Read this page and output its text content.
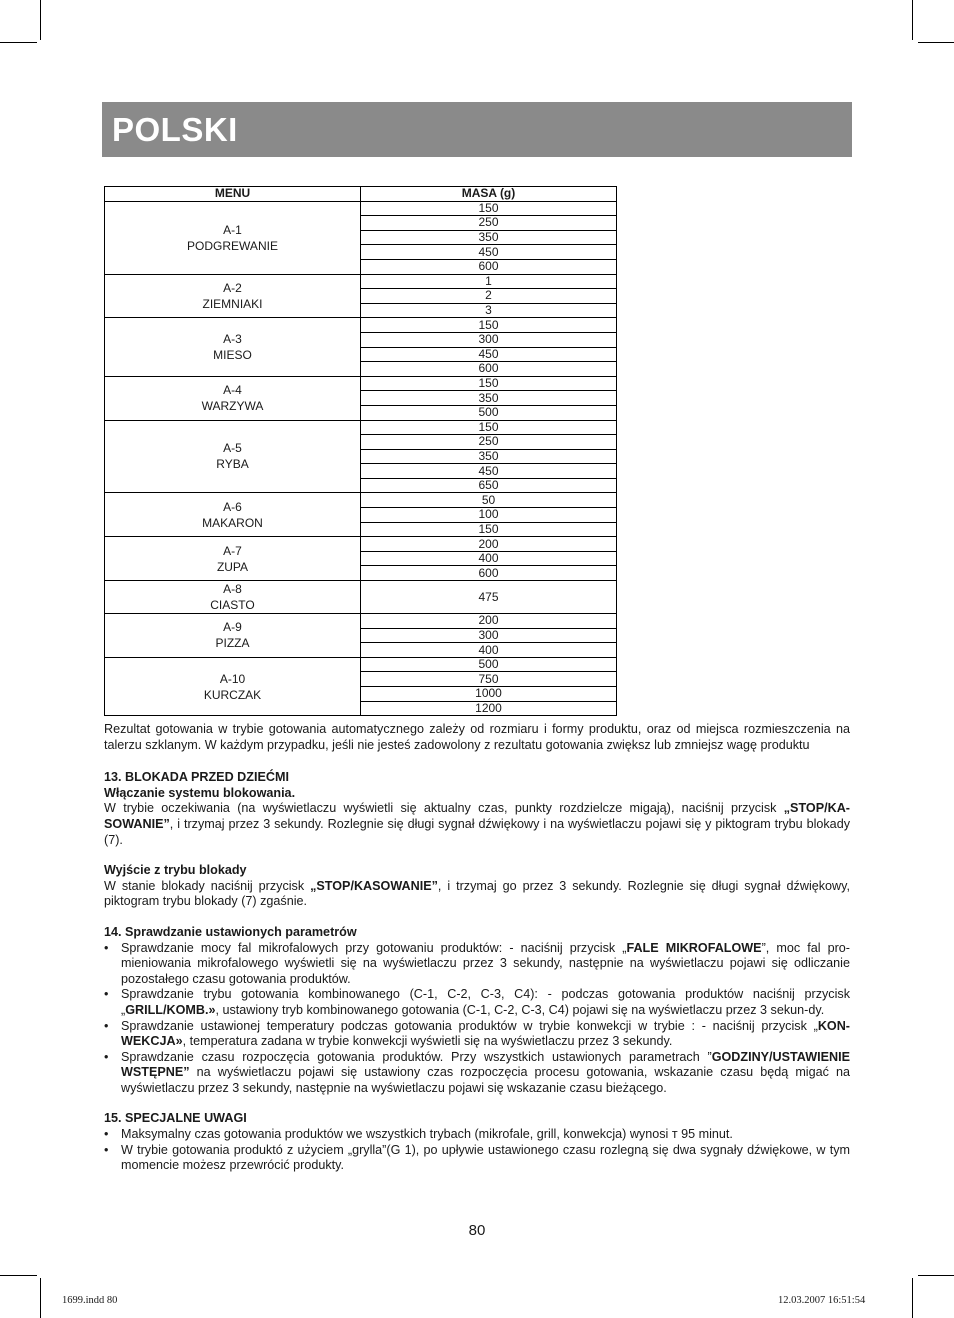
POLSKI
MENU	MASA (g)

A-1
PODGREWANIE	150
	250
	350
	450
	600

A-2
ZIEMNIAKI	1
	2
	3

A-3
MIESO	150
	300
	450
	600

A-4
WARZYWA	150
	350
	500

A-5
RYBA	150
	250
	350
	450
	650

A-6
MAKARON	50
	100
	150

A-7
ZUPA	200
	400
	600

A-8
CIASTO	475

A-9
PIZZA	200
	300
	400

A-10
KURCZAK	500
	750
	1000
	1200

Rezultat gotowania w trybie gotowania automatycznego zależy od rozmiaru i formy produktu, oraz od miejsca rozmieszczenia na talerzu szklanym. W każdym przypadku, jeśli nie jesteś zadowolony z rezultatu gotowania zwiększ lub zmniejsz wagę produktu

13. BLOKADA PRZED DZIEĆMI
Włączanie systemu blokowania.

W trybie oczekiwania (na wyświetlaczu wyświetli się aktualny czas, punkty rozdzielcze migają), naciśnij przycisk „STOP/KA-SOWANIE”, i trzymaj przez 3 sekundy. Rozlegnie się długi sygnał dźwiękowy i na wyświetlaczu pojawi się y piktogram trybu blokady (7).

Wyjście z trybu blokady

W stanie blokady naciśnij przycisk „STOP/KASOWANIE”, i trzymaj go przez 3 sekundy. Rozlegnie się długi sygnał dźwiękowy, piktogram trybu blokady (7) zgaśnie.

14. Sprawdzanie ustawionych parametrów
• Sprawdzanie mocy fal mikrofalowych przy gotowaniu produktów: - naciśnij przycisk „FALE MIKROFALOWE”, moc fal pro-mieniowania mikrofalowego wyświetli się na wyświetlaczu przez 3 sekundy, następnie na wyświetlaczu pojawi się odliczanie pozostałego czasu gotowania produktów.
• Sprawdzanie trybu gotowania kombinowanego (C-1, C-2, C-3, C4): - podczas gotowania produktów naciśnij przycisk „GRILL/KOMB.», ustawiony tryb kombinowanego gotowania (C-1, C-2, C-3, C4) pojawi się na wyświetlaczu przez 3 sekun-dy.
• Sprawdzanie ustawionej temperatury podczas gotowania produktów w trybie konwekcji w trybie : - naciśnij przycisk „KON-WEKCJA», temperatura zadana w trybie konwekcji wyświetli się na wyświetlaczu przez 3 sekundy.
• Sprawdzanie czasu rozpoczęcia gotowania produktów. Przy wszystkich ustawionych parametrach ”GODZINY/USTAWIENIE WSTĘPNE” na wyświetlaczu pojawi się ustawiony czas rozpoczęcia procesu gotowania, wskazanie czasu będą migać na wyświetlaczu przez 3 sekundy, następnie na wyświetlaczu pojawi się wskazanie czasu bieżącego.
15. SPECJALNE UWAGI
• Maksymalny czas gotowania produktów we wszystkich trybach (mikrofale, grill, konwekcja) wynosi т 95 minut.
• W trybie gotowania produktó z użyciem „grylla”(G 1), po upływie ustawionego czasu rozlegną się dwa sygnały dźwiękowe, w tym momencie możesz przewrócić produkty.
80
1699.indd 80	12.03.2007 16:51:54
